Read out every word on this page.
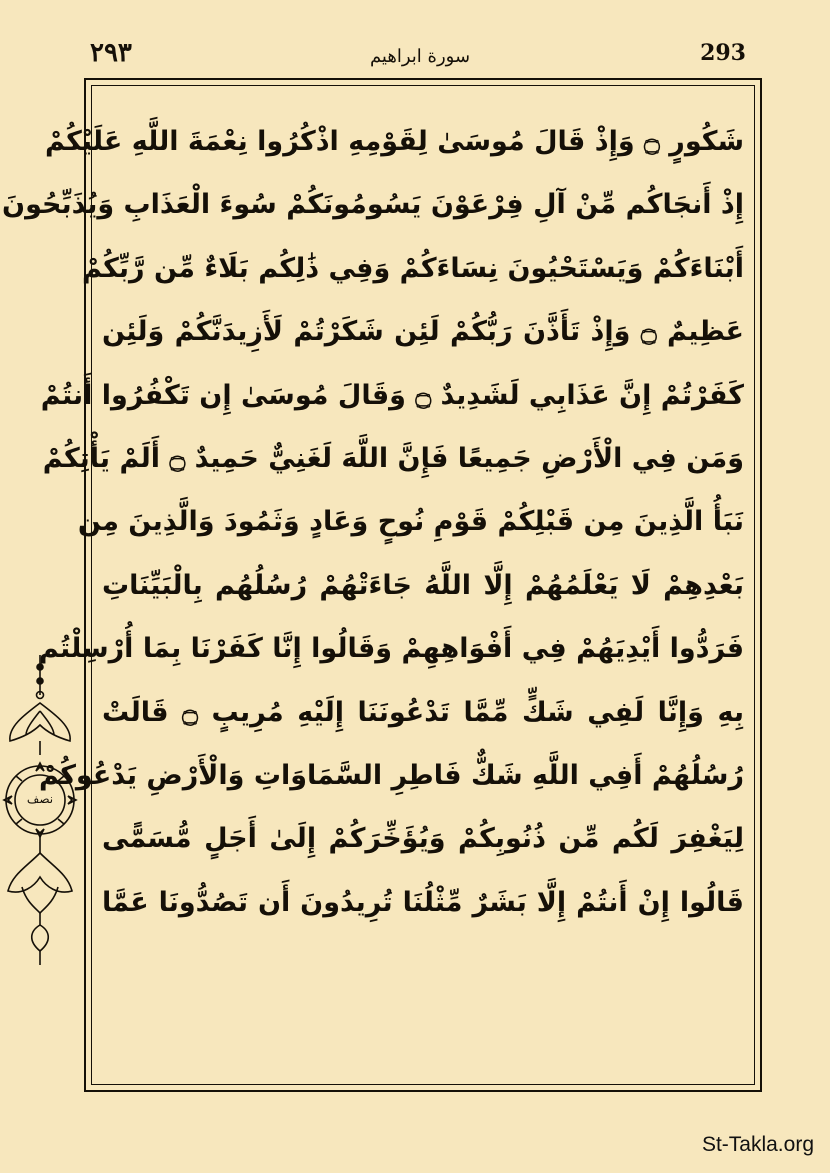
٢٩٣	سورة ابراهيم	293
شَكُورٍ ۝ وَإِذْ قَالَ مُوسَىٰ لِقَوْمِهِ اذْكُرُوا نِعْمَةَ اللَّهِ عَلَيْكُمْ
إِذْ أَنجَاكُم مِّنْ آلِ فِرْعَوْنَ يَسُومُونَكُمْ سُوءَ الْعَذَابِ وَيُذَبِّحُونَ
أَبْنَاءَكُمْ وَيَسْتَحْيُونَ نِسَاءَكُمْ وَفِي ذَٰلِكُم بَلَاءٌ مِّن رَّبِّكُمْ
عَظِيمٌ ۝ وَإِذْ تَأَذَّنَ رَبُّكُمْ لَئِن شَكَرْتُمْ لَأَزِيدَنَّكُمْ وَلَئِن
كَفَرْتُمْ إِنَّ عَذَابِي لَشَدِيدٌ ۝ وَقَالَ مُوسَىٰ إِن تَكْفُرُوا أَنتُمْ
وَمَن فِي الْأَرْضِ جَمِيعًا فَإِنَّ اللَّهَ لَغَنِيٌّ حَمِيدٌ ۝ أَلَمْ يَأْتِكُمْ
نَبَأُ الَّذِينَ مِن قَبْلِكُمْ قَوْمِ نُوحٍ وَعَادٍ وَثَمُودَ وَالَّذِينَ مِن
بَعْدِهِمْ لَا يَعْلَمُهُمْ إِلَّا اللَّهُ جَاءَتْهُمْ رُسُلُهُم بِالْبَيِّنَاتِ
فَرَدُّوا أَيْدِيَهُمْ فِي أَفْوَاهِهِمْ وَقَالُوا إِنَّا كَفَرْنَا بِمَا أُرْسِلْتُم
بِهِ وَإِنَّا لَفِي شَكٍّ مِّمَّا تَدْعُونَنَا إِلَيْهِ مُرِيبٍ ۝ قَالَتْ
رُسُلُهُمْ أَفِي اللَّهِ شَكٌّ فَاطِرِ السَّمَاوَاتِ وَالْأَرْضِ يَدْعُوكُمْ
لِيَغْفِرَ لَكُم مِّن ذُنُوبِكُمْ وَيُؤَخِّرَكُمْ إِلَىٰ أَجَلٍ مُّسَمًّى
قَالُوا إِنْ أَنتُمْ إِلَّا بَشَرٌ مِّثْلُنَا تُرِيدُونَ أَن تَصُدُّونَا عَمَّا
نصف
St-Takla.org
